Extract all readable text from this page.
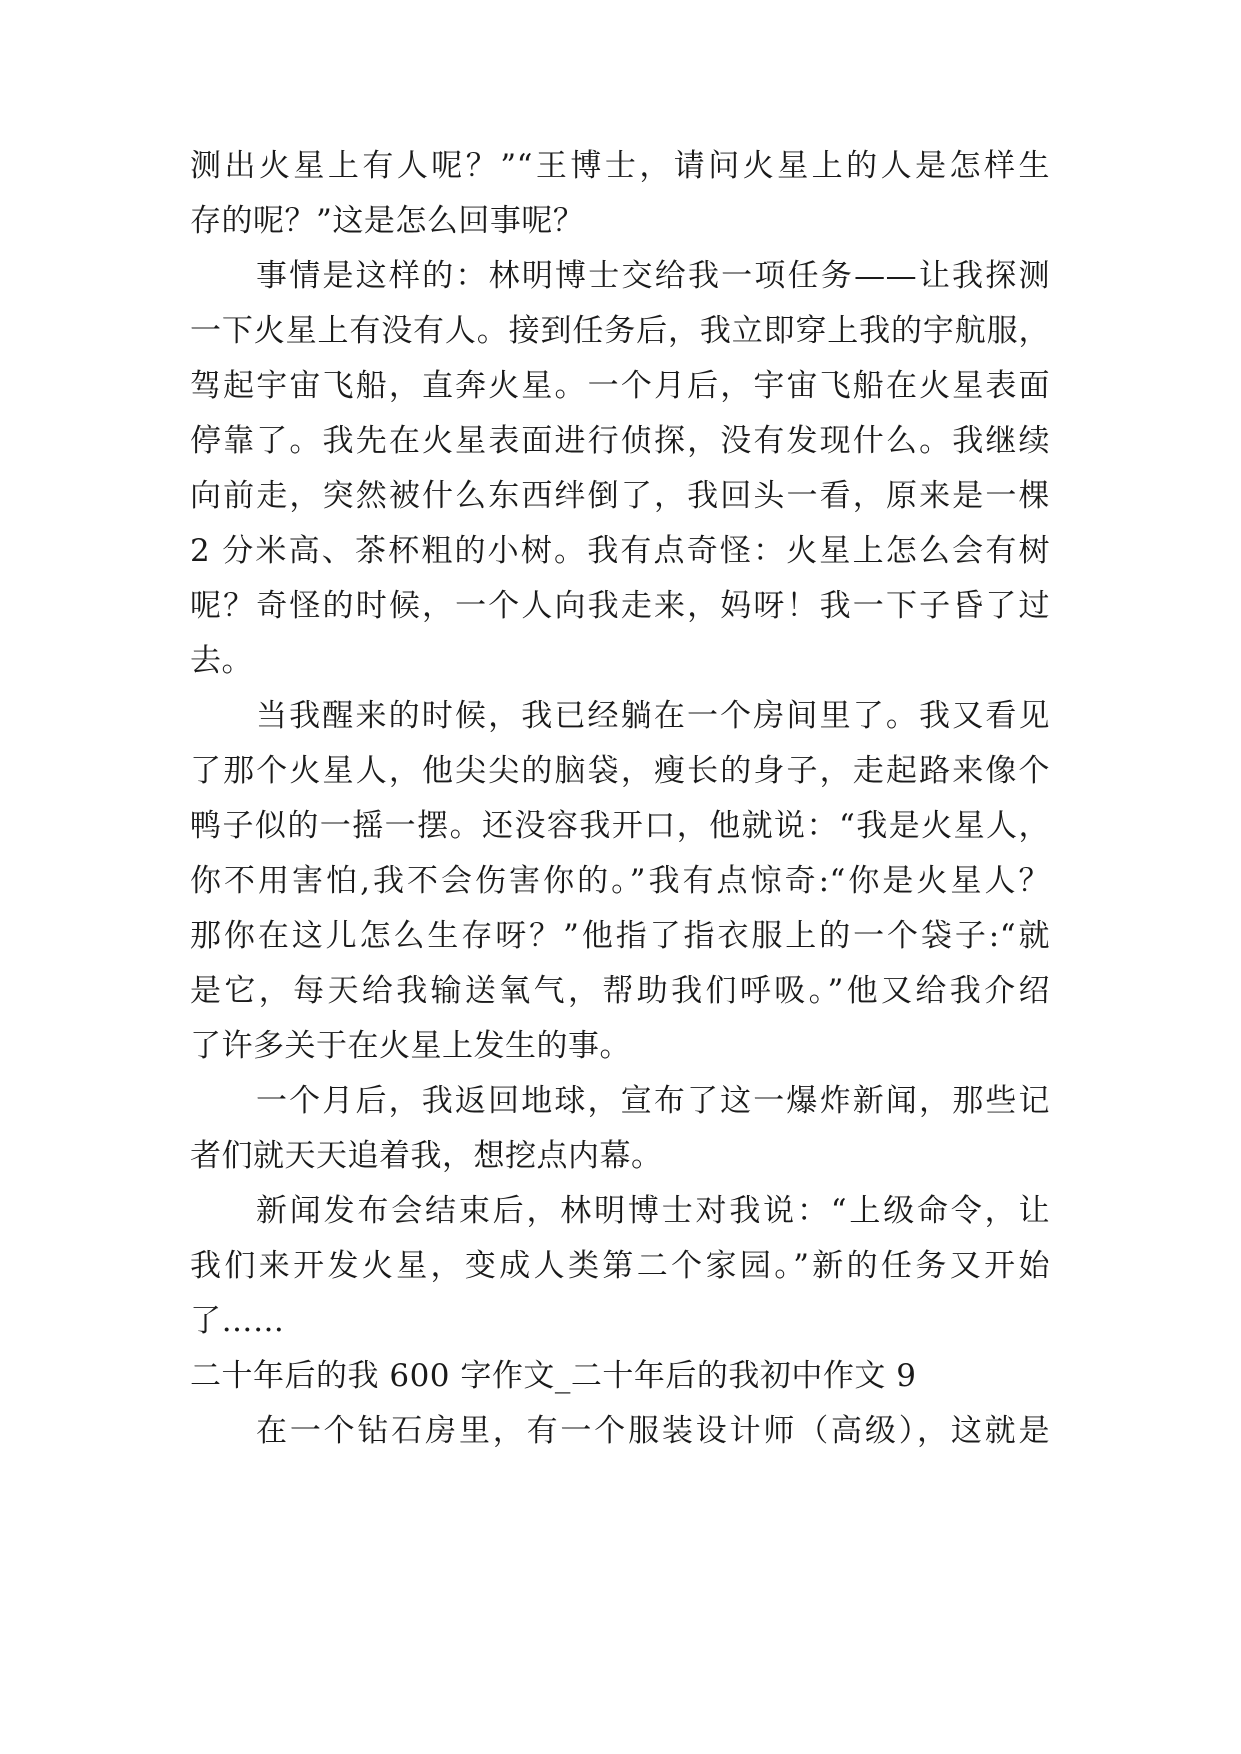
测出火星上有人呢？”“王博士，请问火星上的人是怎样生
存的呢？”这是怎么回事呢？
事情是这样的：林明博士交给我一项任务——让我探测
一下火星上有没有人。接到任务后，我立即穿上我的宇航服，
驾起宇宙飞船，直奔火星。一个月后，宇宙飞船在火星表面
停靠了。我先在火星表面进行侦探，没有发现什么。我继续
向前走，突然被什么东西绊倒了，我回头一看，原来是一棵
2 分米高、茶杯粗的小树。我有点奇怪：火星上怎么会有树
呢？奇怪的时候，一个人向我走来，妈呀！我一下子昏了过
去。
当我醒来的时候，我已经躺在一个房间里了。我又看见
了那个火星人，他尖尖的脑袋，瘦长的身子，走起路来像个
鸭子似的一摇一摆。还没容我开口，他就说：“我是火星人，
你不用害怕,我不会伤害你的。”我有点惊奇:“你是火星人？
那你在这儿怎么生存呀？”他指了指衣服上的一个袋子:“就
是它，每天给我输送氧气，帮助我们呼吸。”他又给我介绍
了许多关于在火星上发生的事。
一个月后，我返回地球，宣布了这一爆炸新闻，那些记
者们就天天追着我，想挖点内幕。
新闻发布会结束后，林明博士对我说：“上级命令，让
我们来开发火星，变成人类第二个家园。”新的任务又开始
了……
二十年后的我 600 字作文_二十年后的我初中作文 9
在一个钻石房里，有一个服装设计师（高级），这就是
